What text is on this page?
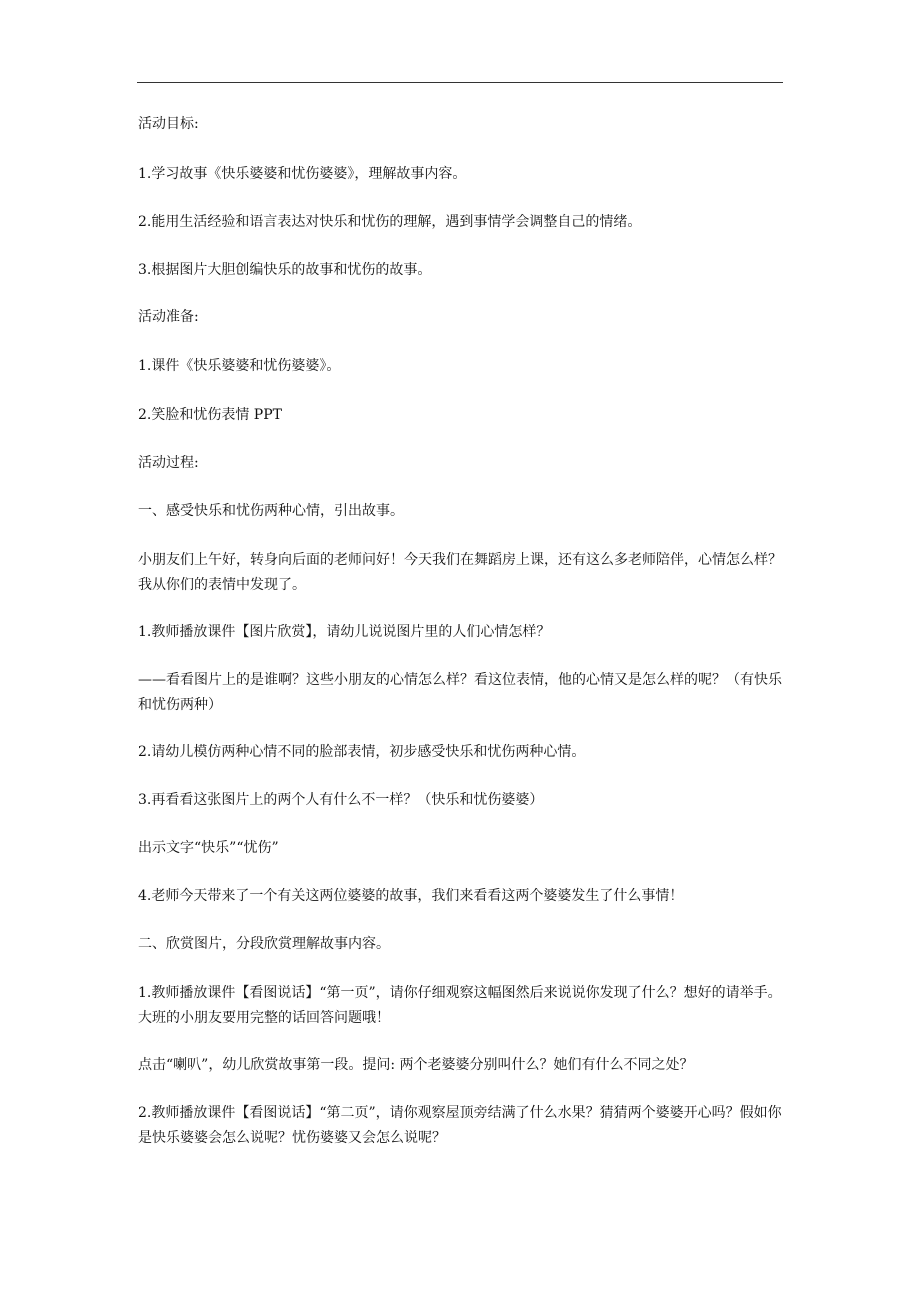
活动目标:

1.学习故事《快乐婆婆和忧伤婆婆》，理解故事内容。

2.能用生活经验和语言表达对快乐和忧伤的理解，遇到事情学会调整自己的情绪。

3.根据图片大胆创编快乐的故事和忧伤的故事。

活动准备:

1.课件《快乐婆婆和忧伤婆婆》。

2.笑脸和忧伤表情 PPT

活动过程:

一、感受快乐和忧伤两种心情，引出故事。

小朋友们上午好，转身向后面的老师问好！今天我们在舞蹈房上课，还有这么多老师陪伴，心情怎么样？我从你们的表情中发现了。

1.教师播放课件【图片欣赏】，请幼儿说说图片里的人们心情怎样？

——看看图片上的是谁啊？这些小朋友的心情怎么样？看这位表情，他的心情又是怎么样的呢？（有快乐和忧伤两种）

2.请幼儿模仿两种心情不同的脸部表情，初步感受快乐和忧伤两种心情。

3.再看看这张图片上的两个人有什么不一样？（快乐和忧伤婆婆）

出示文字“快乐”“忧伤”

4.老师今天带来了一个有关这两位婆婆的故事，我们来看看这两个婆婆发生了什么事情！

二、欣赏图片，分段欣赏理解故事内容。

1.教师播放课件【看图说话】“第一页”，请你仔细观察这幅图然后来说说你发现了什么？想好的请举手。大班的小朋友要用完整的话回答问题哦！

点击“喇叭”，幼儿欣赏故事第一段。提问: 两个老婆婆分别叫什么？她们有什么不同之处？

2.教师播放课件【看图说话】“第二页”，请你观察屋顶旁结满了什么水果？猜猜两个婆婆开心吗？假如你是快乐婆婆会怎么说呢？忧伤婆婆又会怎么说呢？
